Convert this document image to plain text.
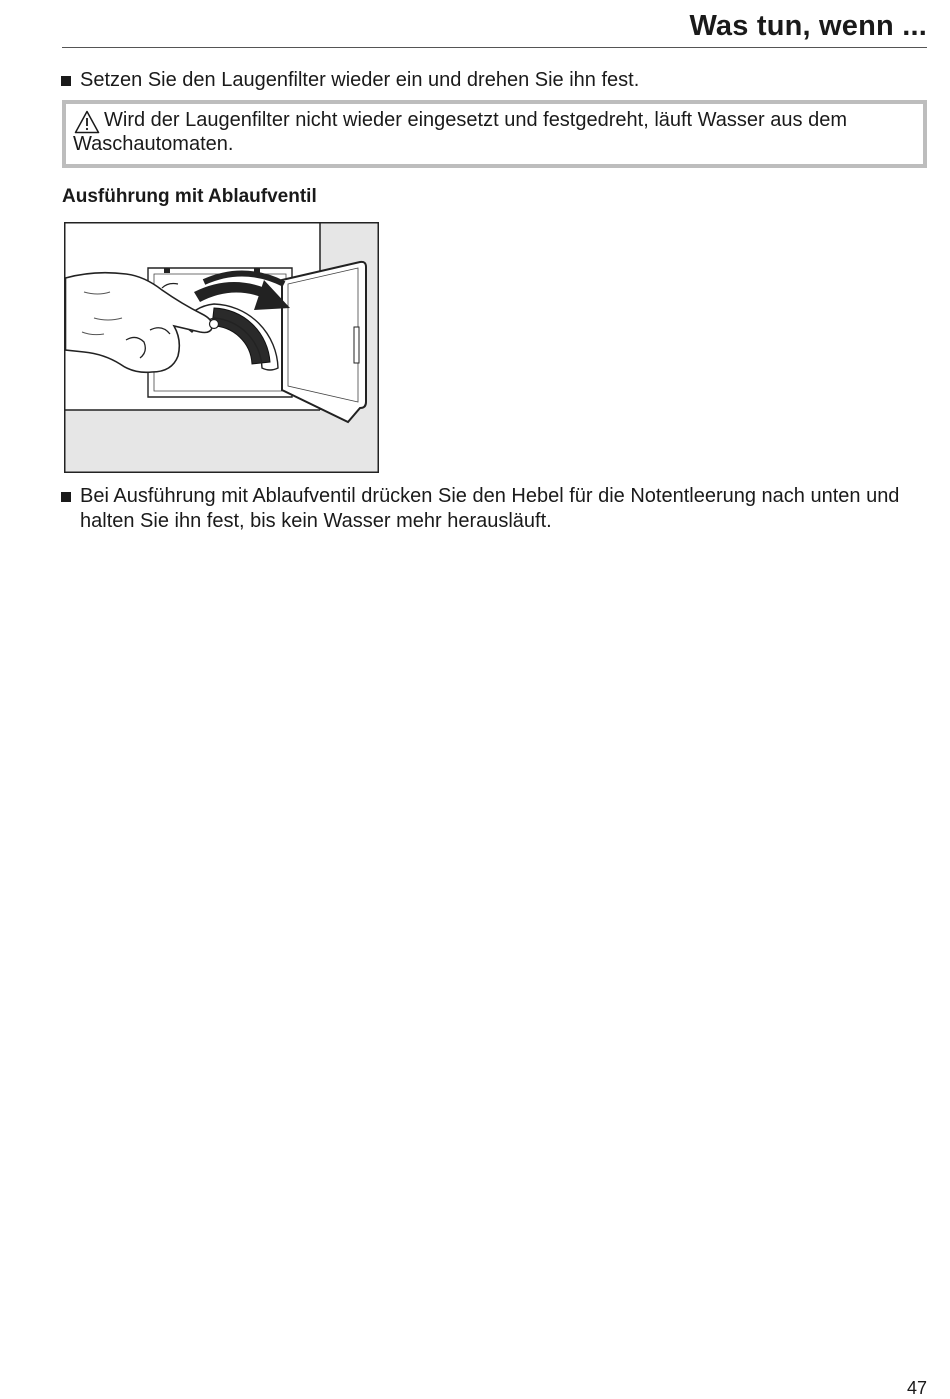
Was tun, wenn ...
Setzen Sie den Laugenfilter wieder ein und drehen Sie ihn fest.
Wird der Laugenfilter nicht wieder eingesetzt und festgedreht, läuft Wasser aus dem Waschautomaten.
Ausführung mit Ablaufventil
Bei Ausführung mit Ablaufventil drücken Sie den Hebel für die Notentleerung nach unten und halten Sie ihn fest, bis kein Wasser mehr herausläuft.
47
